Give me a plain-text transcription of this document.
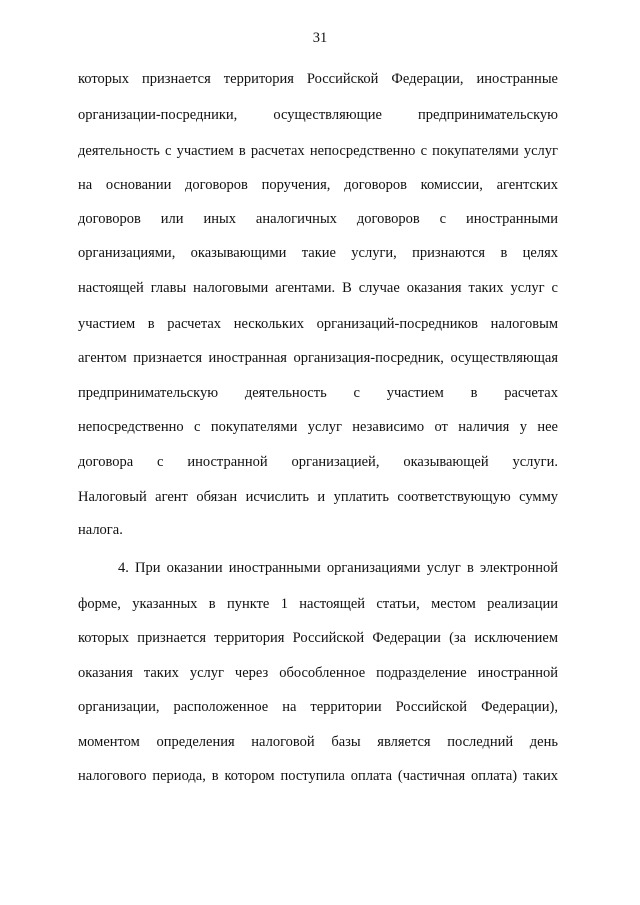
31
которых признается территория Российской Федерации, иностранные
организации-посредники, осуществляющие предпринимательскую
деятельность с участием в расчетах непосредственно с покупателями услуг
на основании договоров поручения, договоров комиссии, агентских
договоров или иных аналогичных договоров с иностранными
организациями, оказывающими такие услуги, признаются в целях
настоящей главы налоговыми агентами. В случае оказания таких услуг с
участием в расчетах нескольких организаций-посредников налоговым
агентом признается иностранная организация-посредник, осуществляющая
предпринимательскую деятельность с участием в расчетах
непосредственно с покупателями услуг независимо от наличия у нее
договора с иностранной организацией, оказывающей услуги.
Налоговый агент обязан исчислить и уплатить соответствующую сумму
налога.
4. При оказании иностранными организациями услуг в электронной
форме, указанных в пункте 1 настоящей статьи, местом реализации
которых признается территория Российской Федерации (за исключением
оказания таких услуг через обособленное подразделение иностранной
организации, расположенное на территории Российской Федерации),
моментом определения налоговой базы является последний день
налогового периода, в котором поступила оплата (частичная оплата) таких
